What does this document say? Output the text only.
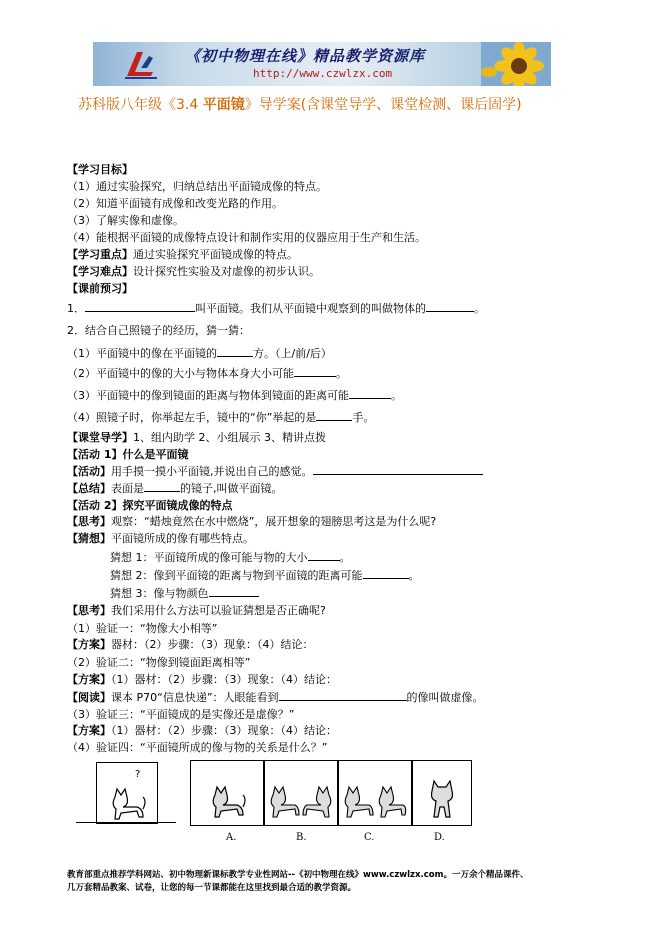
《初中物理在线》精品教学资源库
http://www.czwlzx.com
苏科版八年级《3.4 平面镜》导学案(含课堂导学、课堂检测、课后固学)
【学习目标】
（1）通过实验探究，归纳总结出平面镜成像的特点。
（2）知道平面镜有成像和改变光路的作用。
（3）了解实像和虚像。
（4）能根据平面镜的成像特点设计和制作实用的仪器应用于生产和生活。
【学习重点】通过实验探究平面镜成像的特点。
【学习难点】设计探究性实验及对虚像的初步认识。
【课前预习】
1．	叫平面镜。我们从平面镜中观察到的叫做物体的	。
2．结合自己照镜子的经历，猜一猜：
（1）平面镜中的像在平面镜的	方。（上/前/后）
（2）平面镜中的像的大小与物体本身大小可能	。
（3）平面镜中的像到镜面的距离与物体到镜面的距离可能	。
（4）照镜子时，你举起左手，镜中的“你”举起的是	手。
【课堂导学】1、组内助学 2、小组展示 3、精讲点拨
【活动 1】什么是平面镜
【活动】用手摸一摸小平面镜,并说出自己的感觉。
【总结】表面是	的镜子,叫做平面镜。
【活动 2】探究平面镜成像的特点
【思考】观察：“蜡烛竟然在水中燃烧”，展开想象的翅膀思考这是为什么呢?
【猜想】平面镜所成的像有哪些特点。
猜想 1：平面镜所成的像可能与物的大小	。
猜想 2：像到平面镜的距离与物到平面镜的距离可能	。
猜想 3：像与物颜色
【思考】我们采用什么方法可以验证猜想是否正确呢?
（1）验证一：“物像大小相等”
【方案】器材：（2）步骤：（3）现象：（4）结论：
（2）验证二：“物像到镜面距离相等”
【方案】（1）器材：（2）步骤：（3）现象：（4）结论：
【阅读】课本 P70“信息快递”：人眼能看到	的像叫做虚像。
（3）验证三：“平面镜成的是实像还是虚像？”
【方案】（1）器材：（2）步骤：（3）现象：（4）结论：
（4）验证四：“平面镜所成的像与物的关系是什么？”
?
A.	B.	C.	D.
教育部重点推荐学科网站、初中物理新课标教学专业性网站--《初中物理在线》www.czwlzx.com。一万余个精品课件、
几万套精品教案、试卷，让您的每一节课都能在这里找到最合适的教学资源。
